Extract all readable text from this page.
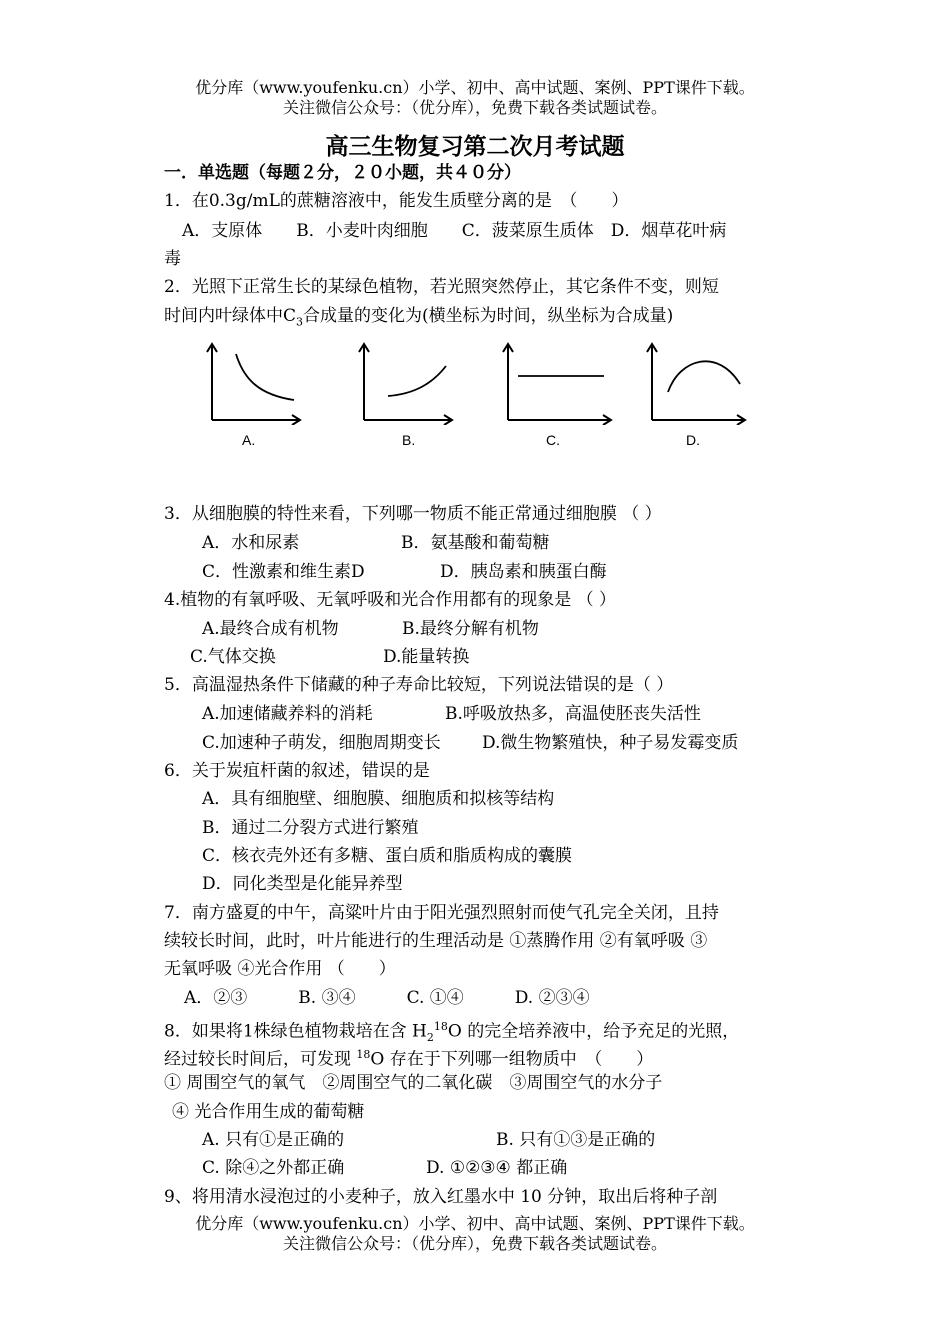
优分库（www.youfenku.cn）小学、初中、高中试题、案例、PPT课件下载。
关注微信公众号：（优分库），免费下载各类试题试卷。
高三生物复习第二次月考试题
一．单选题（每题２分，２０小题，共４０分）
1．在0.3g/mL的蔗糖溶液中，能发生质壁分离的是　（　　）
A．支原体　　B．小麦叶肉细胞　　C．菠菜原生质体　D．烟草花叶病
毒
2．光照下正常生长的某绿色植物，若光照突然停止，其它条件不变，则短
时间内叶绿体中$C_3$合成量的变化为(横坐标为时间，纵坐标为合成量)
A.	B.	C.	D.
3．从细胞膜的特性来看，下列哪一物质不能正常通过细胞膜 （ ）
A．水和尿素	B．氨基酸和葡萄糖
C．性激素和维生素D	D．胰岛素和胰蛋白酶
4.植物的有氧呼吸、无氧呼吸和光合作用都有的现象是 （ ）
A.最终合成有机物	B.最终分解有机物
C.气体交换	D.能量转换
5．高温湿热条件下储藏的种子寿命比较短，下列说法错误的是（ ）
A.加速储藏养料的消耗	B.呼吸放热多，高温使胚丧失活性
C.加速种子萌发，细胞周期变长 D.微生物繁殖快，种子易发霉变质
6．关于炭疽杆菌的叙述，错误的是
A．具有细胞壁、细胞膜、细胞质和拟核等结构
B．通过二分裂方式进行繁殖
C．核衣壳外还有多糖、蛋白质和脂质构成的囊膜
D．同化类型是化能异养型
7．南方盛夏的中午，高粱叶片由于阳光强烈照射而使气孔完全关闭，且持
续较长时间，此时，叶片能进行的生理活动是 ①蒸腾作用 ②有氧呼吸 ③
无氧呼吸 ④光合作用 （　　）
A．②③　　　B. ③④　　　C. ①④　　　D. ②③④
8．如果将1株绿色植物栽培在含 $H_2^{18}O$ 的完全培养液中，给予充足的光照，
经过较长时间后，可发现 $^{18}$O 存在于下列哪一组物质中　（　　）
① 周围空气的氧气　②周围空气的二氧化碳　③周围空气的水分子
④ 光合作用生成的葡萄糖
A. 只有①是正确的	B. 只有①③是正确的
C. 除④之外都正确	D. ①②③④ 都正确
9、将用清水浸泡过的小麦种子，放入红墨水中 10 分钟，取出后将种子剖
优分库（www.youfenku.cn）小学、初中、高中试题、案例、PPT课件下载。
关注微信公众号：（优分库），免费下载各类试题试卷。
